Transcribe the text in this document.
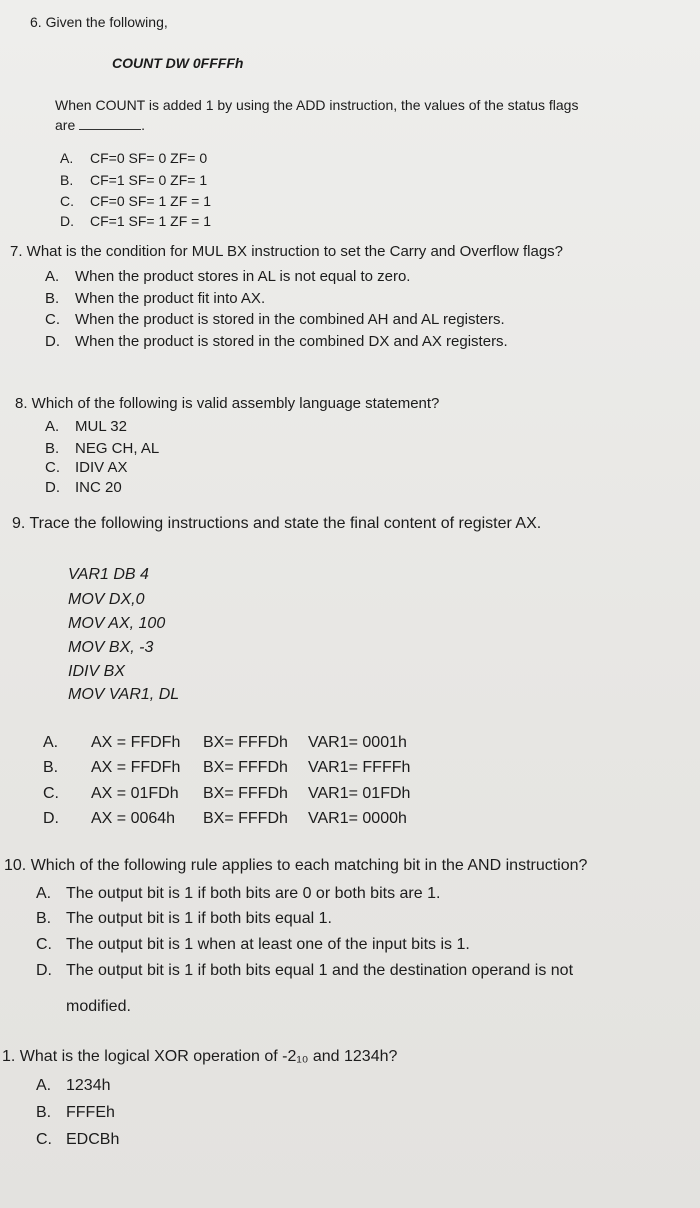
6. Given the following,
COUNT DW 0FFFFh
When COUNT is added 1 by using the ADD instruction, the values of the status flags
are	.
A. CF=0 SF= 0 ZF= 0
B. CF=1 SF= 0 ZF= 1
C. CF=0 SF= 1 ZF = 1
D. CF=1 SF= 1 ZF = 1
7. What is the condition for MUL BX instruction to set the Carry and Overflow flags?
A. When the product stores in AL is not equal to zero.
B. When the product fit into AX.
C. When the product is stored in the combined AH and AL registers.
D. When the product is stored in the combined DX and AX registers.
8. Which of the following is valid assembly language statement?
A. MUL 32
B. NEG CH, AL
C. IDIV AX
D. INC 20
9. Trace the following instructions and state the final content of register AX.
VAR1 DB 4
MOV DX,0
MOV AX, 100
MOV BX, -3
IDIV BX
MOV VAR1, DL
A. AX = FFDFh BX= FFFDh VAR1= 0001h
B. AX = FFDFh BX= FFFDh VAR1= FFFFh
C. AX = 01FDh BX= FFFDh VAR1= 01FDh
D. AX = 0064h BX= FFFDh VAR1= 0000h
10. Which of the following rule applies to each matching bit in the AND instruction?
A. The output bit is 1 if both bits are 0 or both bits are 1.
B. The output bit is 1 if both bits equal 1.
C. The output bit is 1 when at least one of the input bits is 1.
D. The output bit is 1 if both bits equal 1 and the destination operand is not
modified.
1. What is the logical XOR operation of -2₁₀ and 1234h?
A. 1234h
B. FFFEh
C. EDCBh
